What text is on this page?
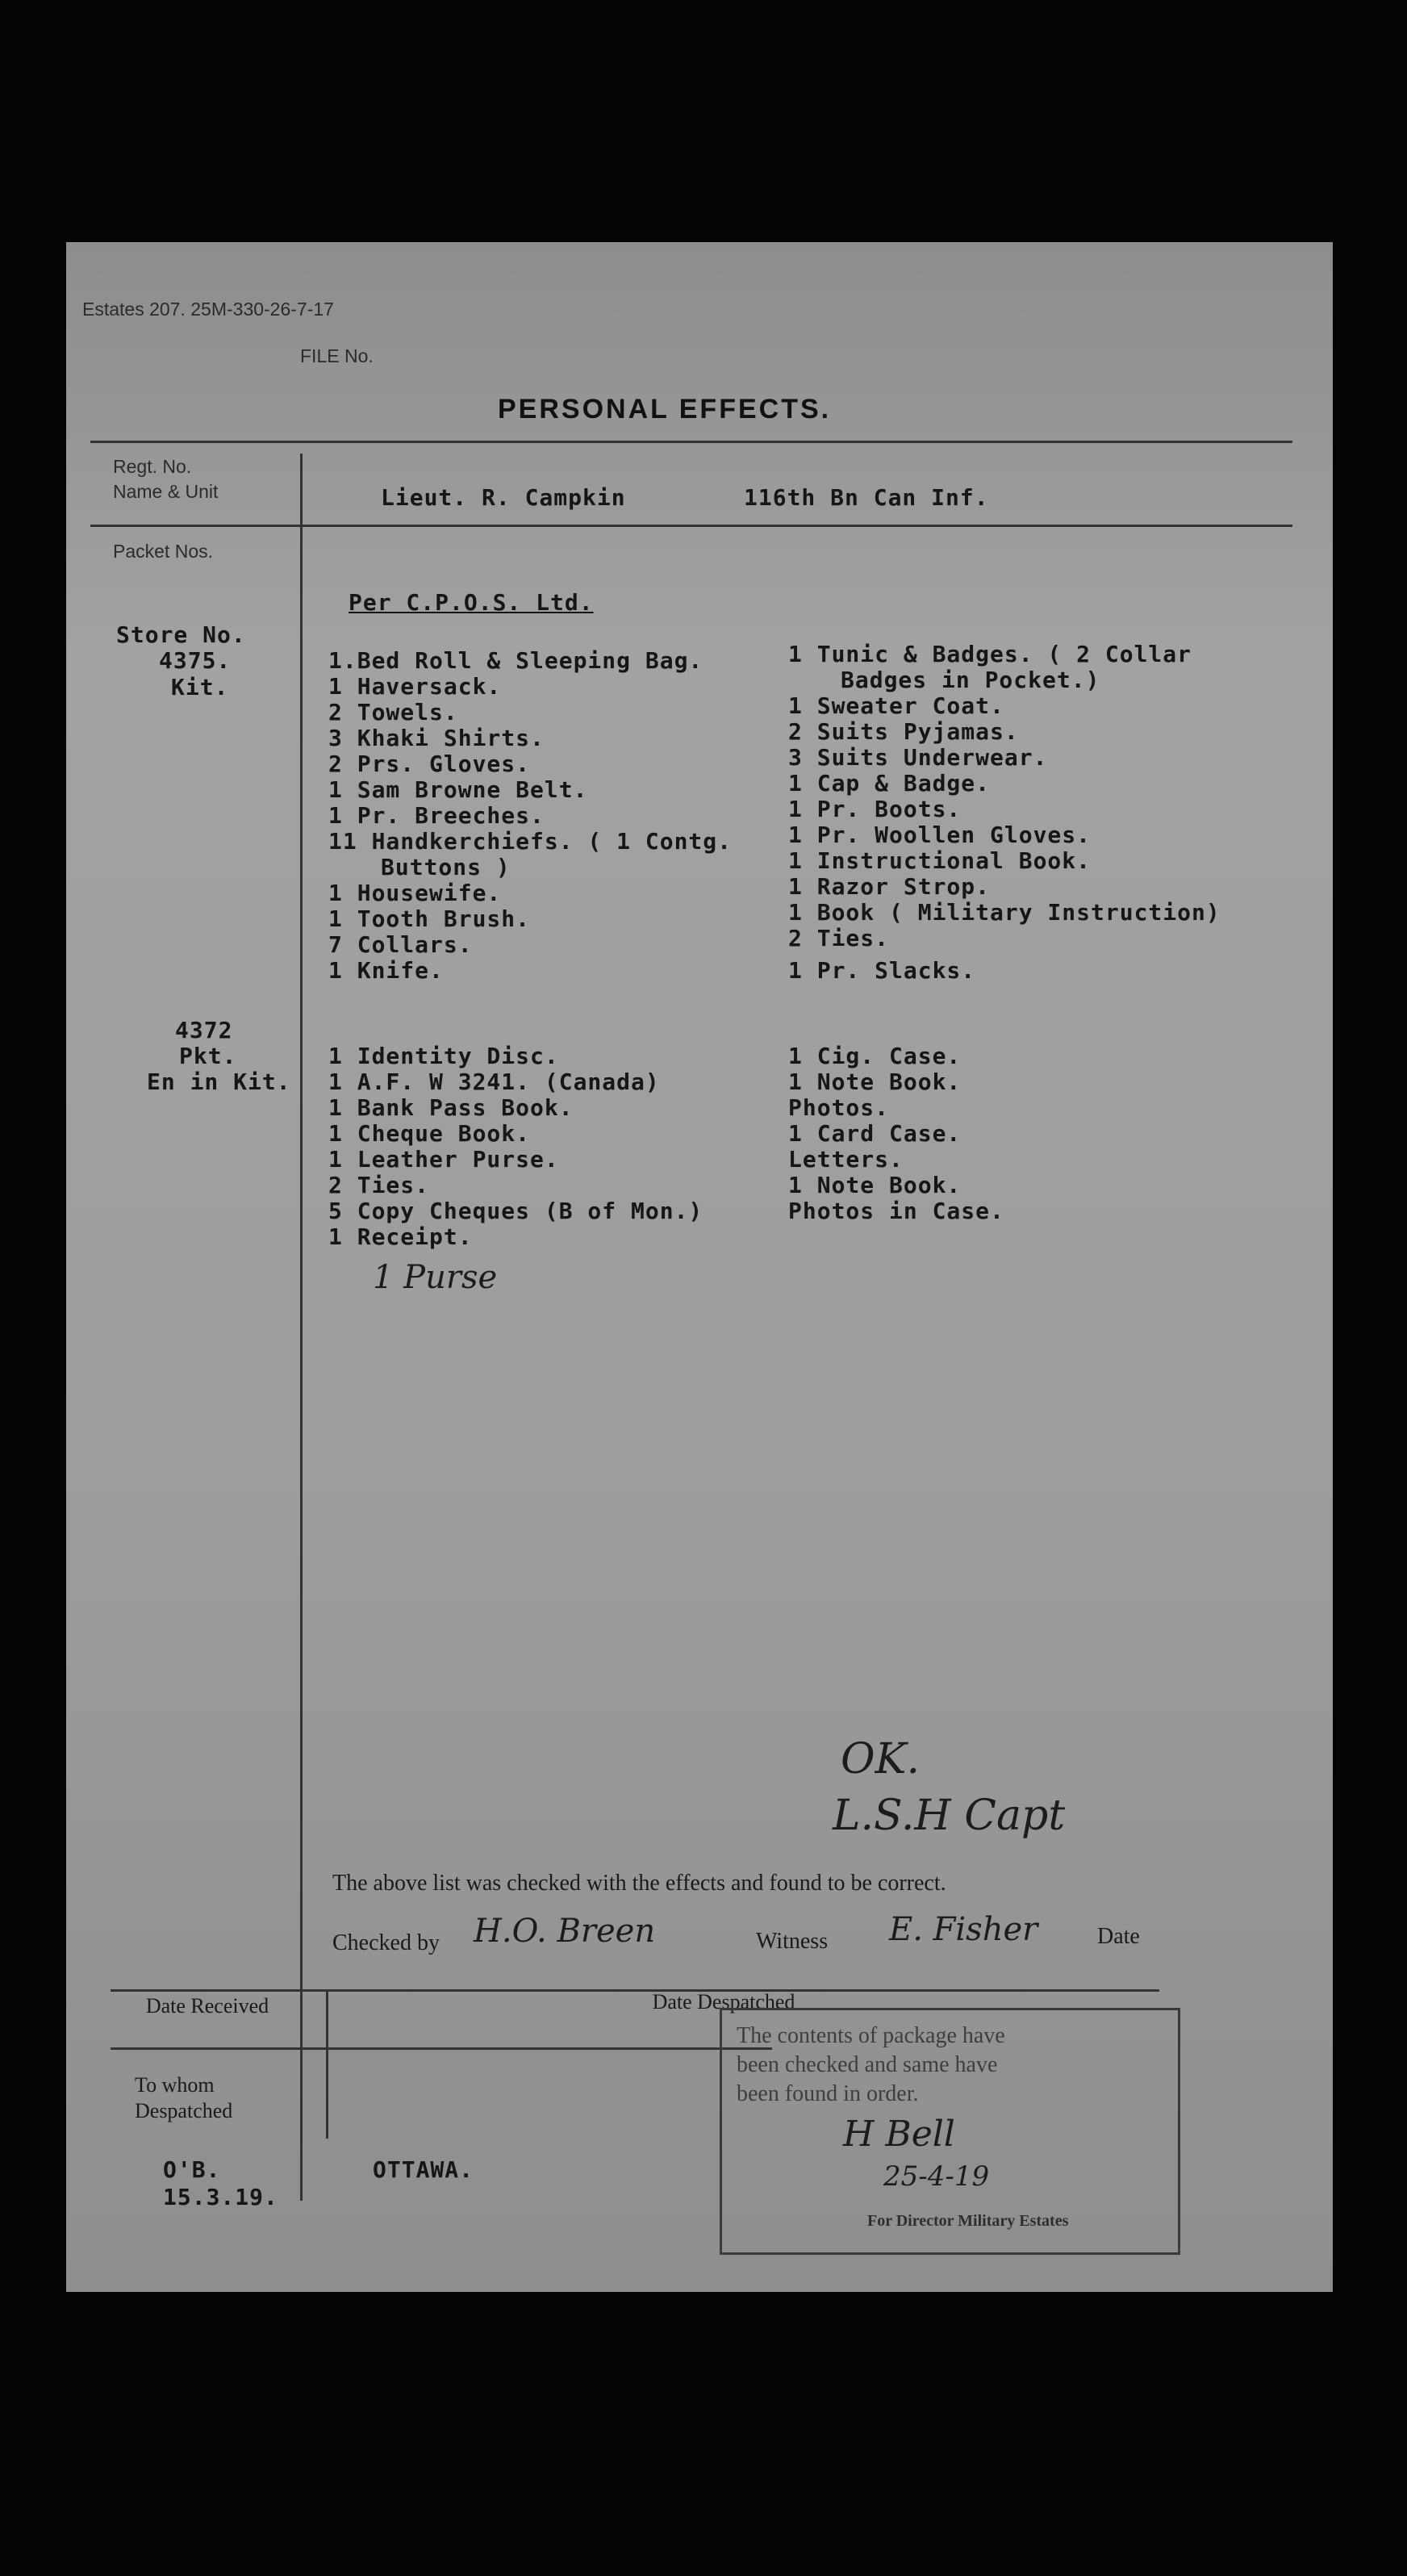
Estates 207. 25M-330-26-7-17
FILE No.
PERSONAL EFFECTS.
Regt. No.
Name & Unit	Lieut. R. Campkin	116th Bn Can Inf.
Packet Nos.
Per C.P.O.S. Ltd.
Store No.
4375.
Kit.
1.Bed Roll & Sleeping Bag.
1 Haversack.
2 Towels.
3 Khaki Shirts.
2 Prs. Gloves.
1 Sam Browne Belt.
1 Pr. Breeches.
11 Handkerchiefs. ( 1 Contg.
Buttons )
1 Housewife.
1 Tooth Brush.
7 Collars.
1 Knife.
1 Tunic & Badges. ( 2 Collar
Badges in Pocket.)
1 Sweater Coat.
2 Suits Pyjamas.
3 Suits Underwear.
1 Cap & Badge.
1 Pr. Boots.
1 Pr. Woollen Gloves.
1 Instructional Book.
1 Razor Strop.
1 Book ( Military Instruction)
2 Ties.
1 Pr. Slacks.
4372
Pkt.
En in Kit.
1 Identity Disc.
1 A.F. W 3241. (Canada)
1 Bank Pass Book.
1 Cheque Book.
1 Leather Purse.
2 Ties.
5 Copy Cheques (B of Mon.)
1 Receipt.
1 Cig. Case.
1 Note Book.
Photos.
1 Card Case.
Letters.
1 Note Book.
Photos in Case.
1 Purse
OK.
L.S.H Capt
The above list was checked with the effects and found to be correct.
Checked by H.O. Breen	Witness E. Fisher	Date
Date Received	Date Despatched
To whom Despatched
O'B.
15.3.19.
OTTAWA.
The contents of package have
been checked and same have
been found in order.
H Bell
25-4-19
For Director Military Estates
